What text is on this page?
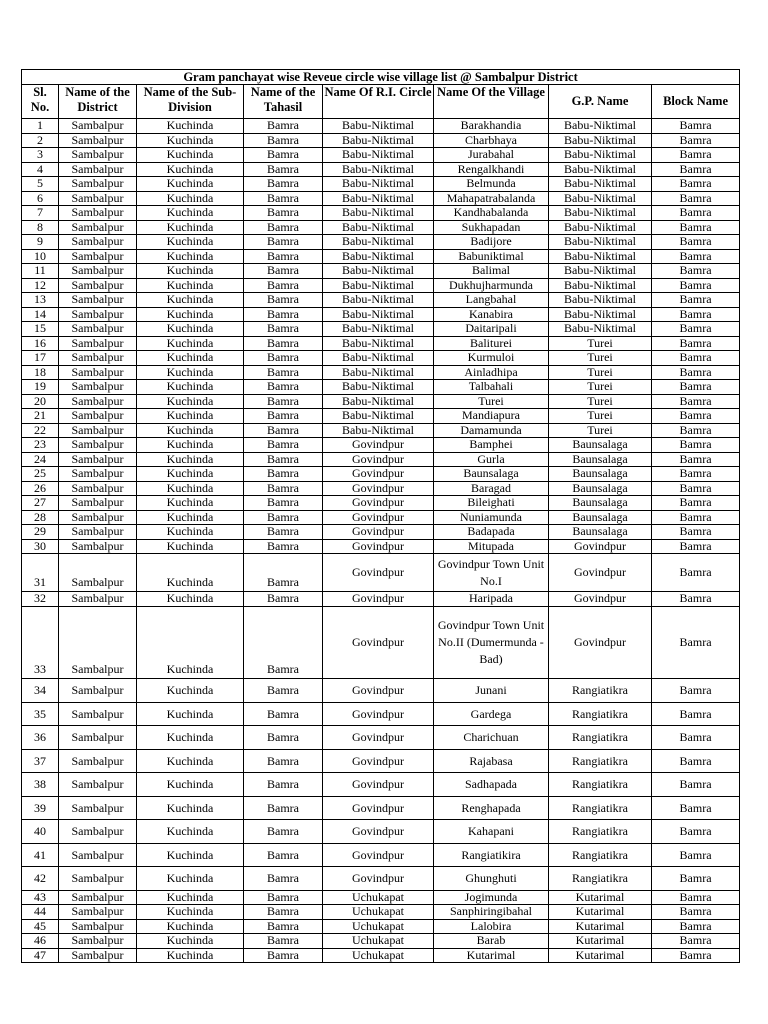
Gram panchayat wise Reveue circle wise village list @ Sambalpur District							
Sl. No.	Name of the District	Name of the Sub-Division	Name of the Tahasil	Name Of R.I. Circle	Name Of the Village	G.P. Name	Block Name
1	Sambalpur	Kuchinda	Bamra	Babu-Niktimal	Barakhandia	Babu-Niktimal	Bamra
2	Sambalpur	Kuchinda	Bamra	Babu-Niktimal	Charbhaya	Babu-Niktimal	Bamra
3	Sambalpur	Kuchinda	Bamra	Babu-Niktimal	Jurabahal	Babu-Niktimal	Bamra
4	Sambalpur	Kuchinda	Bamra	Babu-Niktimal	Rengalkhandi	Babu-Niktimal	Bamra
5	Sambalpur	Kuchinda	Bamra	Babu-Niktimal	Belmunda	Babu-Niktimal	Bamra
6	Sambalpur	Kuchinda	Bamra	Babu-Niktimal	Mahapatrabalanda	Babu-Niktimal	Bamra
7	Sambalpur	Kuchinda	Bamra	Babu-Niktimal	Kandhabalanda	Babu-Niktimal	Bamra
8	Sambalpur	Kuchinda	Bamra	Babu-Niktimal	Sukhapadan	Babu-Niktimal	Bamra
9	Sambalpur	Kuchinda	Bamra	Babu-Niktimal	Badijore	Babu-Niktimal	Bamra
10	Sambalpur	Kuchinda	Bamra	Babu-Niktimal	Babuniktimal	Babu-Niktimal	Bamra
11	Sambalpur	Kuchinda	Bamra	Babu-Niktimal	Balimal	Babu-Niktimal	Bamra
12	Sambalpur	Kuchinda	Bamra	Babu-Niktimal	Dukhujharmunda	Babu-Niktimal	Bamra
13	Sambalpur	Kuchinda	Bamra	Babu-Niktimal	Langbahal	Babu-Niktimal	Bamra
14	Sambalpur	Kuchinda	Bamra	Babu-Niktimal	Kanabira	Babu-Niktimal	Bamra
15	Sambalpur	Kuchinda	Bamra	Babu-Niktimal	Daitaripali	Babu-Niktimal	Bamra
16	Sambalpur	Kuchinda	Bamra	Babu-Niktimal	Baliturei	Turei	Bamra
17	Sambalpur	Kuchinda	Bamra	Babu-Niktimal	Kurmuloi	Turei	Bamra
18	Sambalpur	Kuchinda	Bamra	Babu-Niktimal	Ainladhipa	Turei	Bamra
19	Sambalpur	Kuchinda	Bamra	Babu-Niktimal	Talbahali	Turei	Bamra
20	Sambalpur	Kuchinda	Bamra	Babu-Niktimal	Turei	Turei	Bamra
21	Sambalpur	Kuchinda	Bamra	Babu-Niktimal	Mandiapura	Turei	Bamra
22	Sambalpur	Kuchinda	Bamra	Babu-Niktimal	Damamunda	Turei	Bamra
23	Sambalpur	Kuchinda	Bamra	Govindpur	Bamphei	Baunsalaga	Bamra
24	Sambalpur	Kuchinda	Bamra	Govindpur	Gurla	Baunsalaga	Bamra
25	Sambalpur	Kuchinda	Bamra	Govindpur	Baunsalaga	Baunsalaga	Bamra
26	Sambalpur	Kuchinda	Bamra	Govindpur	Baragad	Baunsalaga	Bamra
27	Sambalpur	Kuchinda	Bamra	Govindpur	Bileighati	Baunsalaga	Bamra
28	Sambalpur	Kuchinda	Bamra	Govindpur	Nuniamunda	Baunsalaga	Bamra
29	Sambalpur	Kuchinda	Bamra	Govindpur	Badapada	Baunsalaga	Bamra
30	Sambalpur	Kuchinda	Bamra	Govindpur	Mitupada	Govindpur	Bamra
31	Sambalpur	Kuchinda	Bamra	Govindpur	Govindpur Town Unit No.I	Govindpur	Bamra
32	Sambalpur	Kuchinda	Bamra	Govindpur	Haripada	Govindpur	Bamra
33	Sambalpur	Kuchinda	Bamra	Govindpur	Govindpur Town Unit No.II (Dumermunda - Bad)	Govindpur	Bamra
34	Sambalpur	Kuchinda	Bamra	Govindpur	Junani	Rangiatikra	Bamra
35	Sambalpur	Kuchinda	Bamra	Govindpur	Gardega	Rangiatikra	Bamra
36	Sambalpur	Kuchinda	Bamra	Govindpur	Charichuan	Rangiatikra	Bamra
37	Sambalpur	Kuchinda	Bamra	Govindpur	Rajabasa	Rangiatikra	Bamra
38	Sambalpur	Kuchinda	Bamra	Govindpur	Sadhapada	Rangiatikra	Bamra
39	Sambalpur	Kuchinda	Bamra	Govindpur	Renghapada	Rangiatikra	Bamra
40	Sambalpur	Kuchinda	Bamra	Govindpur	Kahapani	Rangiatikra	Bamra
41	Sambalpur	Kuchinda	Bamra	Govindpur	Rangiatikira	Rangiatikra	Bamra
42	Sambalpur	Kuchinda	Bamra	Govindpur	Ghunghuti	Rangiatikra	Bamra
43	Sambalpur	Kuchinda	Bamra	Uchukapat	Jogimunda	Kutarimal	Bamra
44	Sambalpur	Kuchinda	Bamra	Uchukapat	Sanphiringibahal	Kutarimal	Bamra
45	Sambalpur	Kuchinda	Bamra	Uchukapat	Lalobira	Kutarimal	Bamra
46	Sambalpur	Kuchinda	Bamra	Uchukapat	Barab	Kutarimal	Bamra
47	Sambalpur	Kuchinda	Bamra	Uchukapat	Kutarimal	Kutarimal	Bamra
